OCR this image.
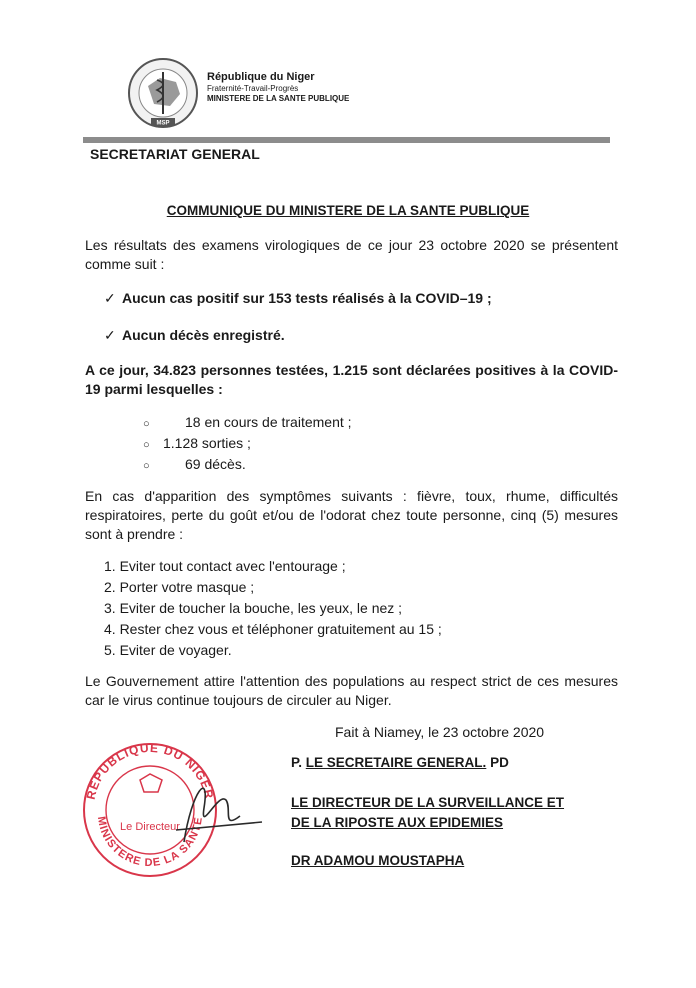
MSP
République du Niger
Fraternité-Travail-Progrès
MINISTERE DE LA SANTE PUBLIQUE
SECRETARIAT GENERAL
COMMUNIQUE DU MINISTERE DE LA SANTE PUBLIQUE
Les résultats des examens virologiques de ce jour 23 octobre 2020 se présentent comme suit :
✓ Aucun cas positif sur 153 tests réalisés à la COVID–19 ;
✓ Aucun décès enregistré.
A ce jour, 34.823 personnes testées, 1.215 sont déclarées positives à la COVID- 19 parmi lesquelles :
○	18 en cours de traitement ;
○ 1.128 sorties ;
○	69 décès.
En cas d'apparition des symptômes suivants : fièvre, toux, rhume, difficultés respiratoires, perte du goût et/ou de l'odorat chez toute personne, cinq (5) mesures sont à prendre :
1. Eviter tout contact avec l'entourage ;
2. Porter votre masque ;
3. Eviter de toucher la bouche, les yeux, le nez ;
4. Rester chez vous et téléphoner gratuitement au 15 ;
5. Eviter de voyager.
Le Gouvernement attire l'attention des populations au respect strict de ces mesures car le virus continue toujours de circuler au Niger.
Fait à Niamey, le 23 octobre 2020
P. LE SECRETAIRE GENERAL. PD
LE DIRECTEUR DE LA SURVEILLANCE ET
DE LA RIPOSTE AUX EPIDEMIES
DR ADAMOU MOUSTAPHA
REPUBLIQUE DU NIGER
MINISTERE DE LA SANTE
Le Directeur
